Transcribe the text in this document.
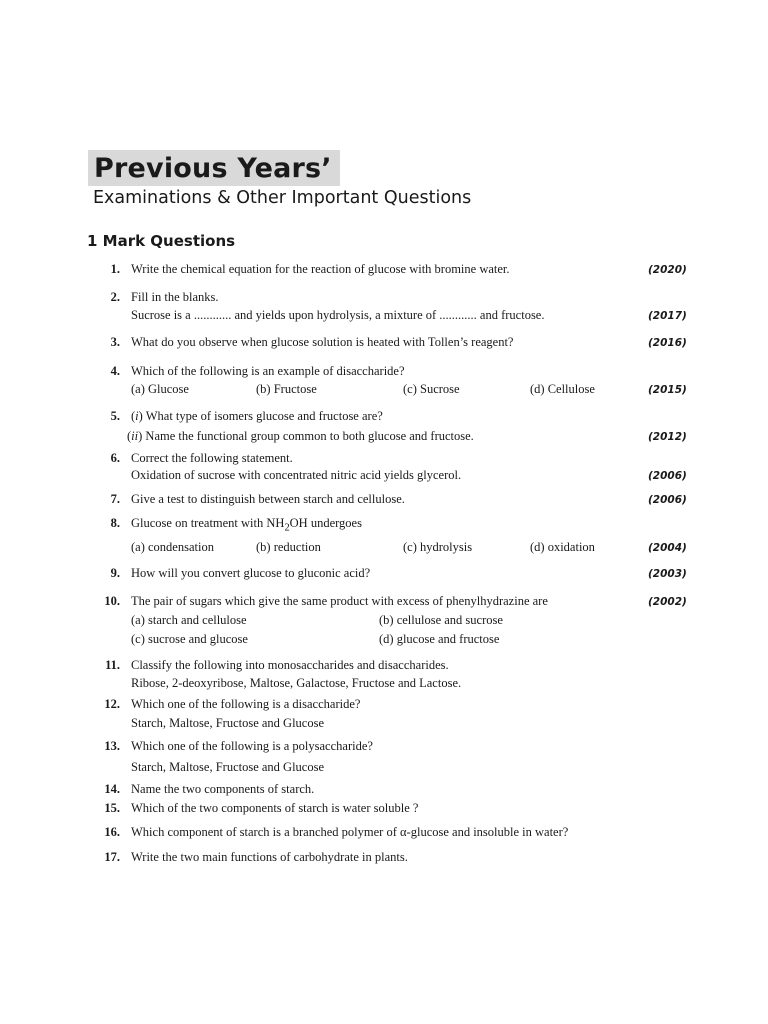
Previous Years’
Examinations & Other Important Questions
1 Mark Questions
1. Write the chemical equation for the reaction of glucose with bromine water.	(2020)
2. Fill in the blanks.
Sucrose is a ............ and yields upon hydrolysis, a mixture of ............ and fructose.	(2017)
3. What do you observe when glucose solution is heated with Tollen’s reagent?	(2016)
4. Which of the following is an example of disaccharide?
(a) Glucose	(b) Fructose	(c) Sucrose	(d) Cellulose	(2015)
5. (i) What type of isomers glucose and fructose are?
(ii) Name the functional group common to both glucose and fructose.	(2012)
6. Correct the following statement.
Oxidation of sucrose with concentrated nitric acid yields glycerol.	(2006)
7. Give a test to distinguish between starch and cellulose.	(2006)
8. Glucose on treatment with $NH_2OH$ undergoes
(a) condensation	(b) reduction	(c) hydrolysis	(d) oxidation	(2004)
9. How will you convert glucose to gluconic acid?	(2003)
10. The pair of sugars which give the same product with excess of phenylhydrazine are	(2002)
(a) starch and cellulose	(b) cellulose and sucrose
(c) sucrose and glucose	(d) glucose and fructose
11. Classify the following into monosaccharides and disaccharides.
Ribose, 2-deoxyribose, Maltose, Galactose, Fructose and Lactose.
12. Which one of the following is a disaccharide?
Starch, Maltose, Fructose and Glucose
13. Which one of the following is a polysaccharide?
Starch, Maltose, Fructose and Glucose
14. Name the two components of starch.
15. Which of the two components of starch is water soluble ?
16. Which component of starch is a branched polymer of α-glucose and insoluble in water?
17. Write the two main functions of carbohydrate in plants.
